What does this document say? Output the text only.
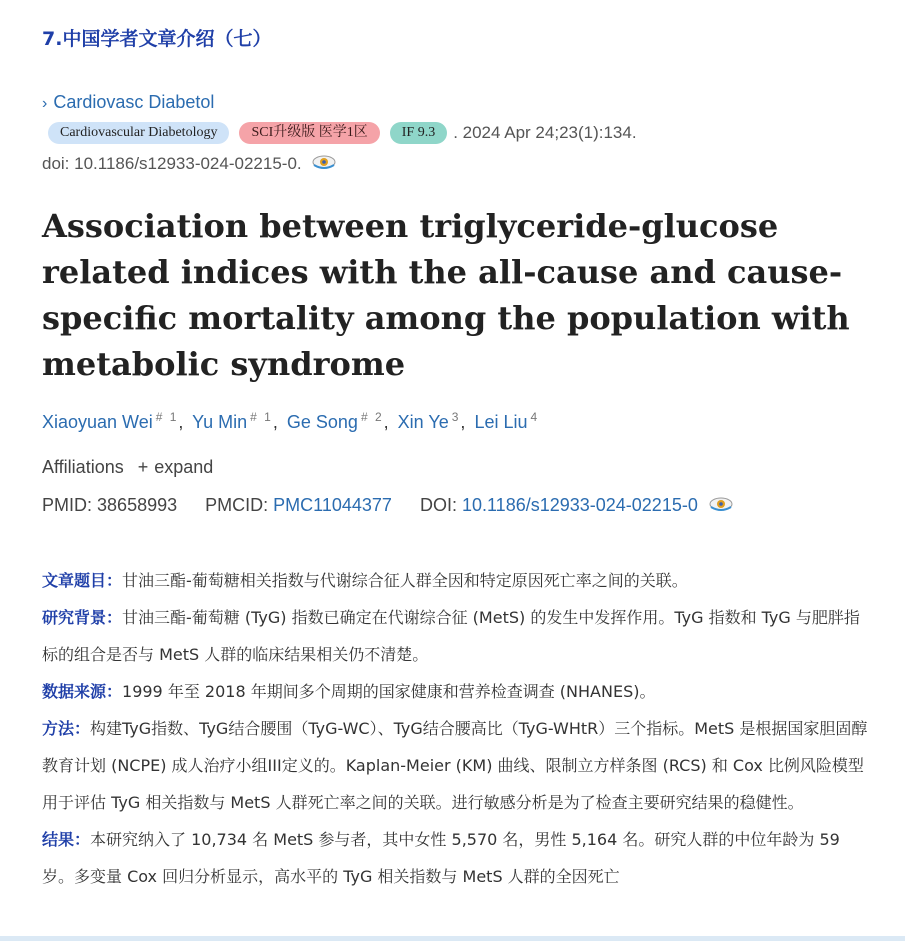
7.中国学者文章介绍（七）
› Cardiovasc Diabetol
Cardiovascular Diabetology	SCI升级版 医学1区	IF 9.3	. 2024 Apr 24;23(1):134.
doi: 10.1186/s12933-024-02215-0.
Association between triglyceride-glucose related indices with the all-cause and cause-specific mortality among the population with metabolic syndrome
Xiaoyuan Wei $^{\# 1}$, Yu Min $^{\# 1}$, Ge Song $^{\# 2}$, Xin Ye $^3$, Lei Liu $^4$
Affiliations + expand
PMID: 38658993 PMCID: PMC11044377 DOI: 10.1186/s12933-024-02215-0

文章题目：甘油三酯-葡萄糖相关指数与代谢综合征人群全因和特定原因死亡率之间的关联。

研究背景：甘油三酯-葡萄糖 (TyG) 指数已确定在代谢综合征 (MetS) 的发生中发挥作用。TyG 指数和 TyG 与肥胖指标的组合是否与 MetS 人群的临床结果相关仍不清楚。

数据来源：1999 年至 2018 年期间多个周期的国家健康和营养检查调查 (NHANES)。

方法：构建TyG指数、TyG结合腰围（TyG-WC）、TyG结合腰高比（TyG-WHtR）三个指标。MetS 是根据国家胆固醇教育计划 (NCPE) 成人治疗小组III定义的。Kaplan-Meier (KM) 曲线、限制立方样条图 (RCS) 和 Cox 比例风险模型用于评估 TyG 相关指数与 MetS 人群死亡率之间的关联。进行敏感分析是为了检查主要研究结果的稳健性。

结果：本研究纳入了 10,734 名 MetS 参与者，其中女性 5,570 名，男性 5,164 名。研究人群的中位年龄为 59 岁。多变量 Cox 回归分析显示，高水平的 TyG 相关指数与 MetS 人群的全因死亡
